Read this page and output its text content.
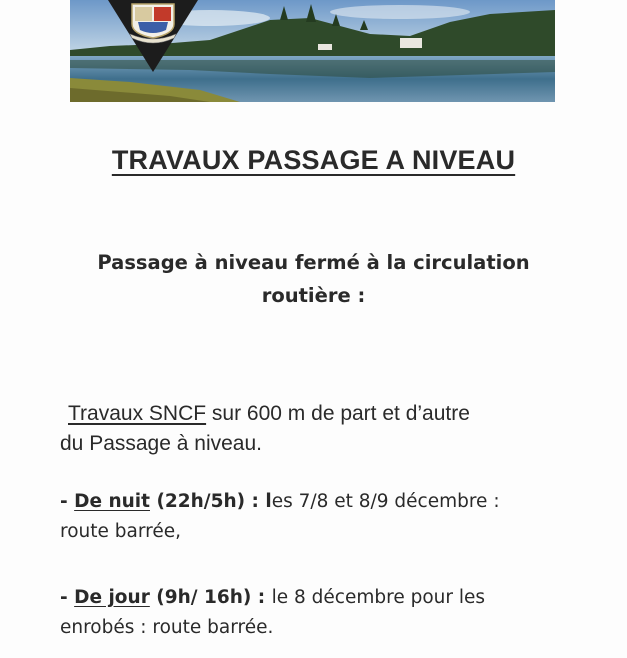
TRAVAUX PASSAGE A NIVEAU
Passage à niveau fermé à la circulation
routière :
Travaux SNCF sur 600 m de part et d’autre
du Passage à niveau.
- De nuit (22h/5h) : les 7/8 et 8/9 décembre :
route barrée,
- De jour (9h/ 16h) : le 8 décembre pour les
enrobés : route barrée.
